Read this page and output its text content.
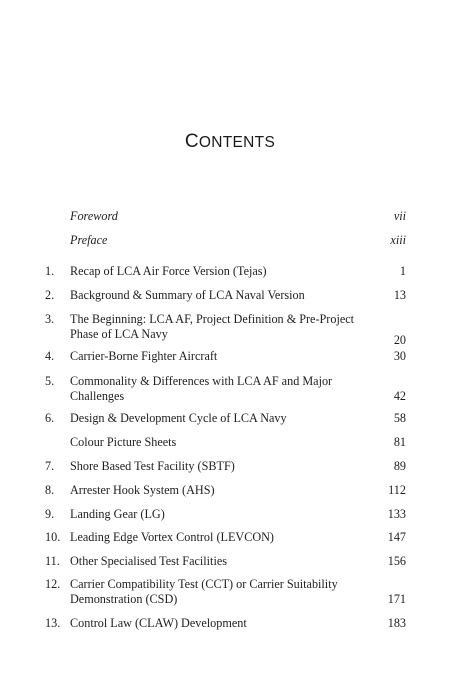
CONTENTS
Foreword	vii
Preface	xiii
1.	Recap of LCA Air Force Version (Tejas)	1
2.	Background & Summary of LCA Naval Version	13
3.	The Beginning: LCA AF, Project Definition & Pre-Project
Phase of LCA Navy	20
4.	Carrier-Borne Fighter Aircraft	30
5.	Commonality & Differences with LCA AF and Major
Challenges	42
6.	Design & Development Cycle of LCA Navy	58
Colour Picture Sheets	81
7.	Shore Based Test Facility (SBTF)	89
8.	Arrester Hook System (AHS)	112
9.	Landing Gear (LG)	133
10. Leading Edge Vortex Control (LEVCON)	147
11. Other Specialised Test Facilities	156
12. Carrier Compatibility Test (CCT) or Carrier Suitability
Demonstration (CSD)	171
13. Control Law (CLAW) Development	183
